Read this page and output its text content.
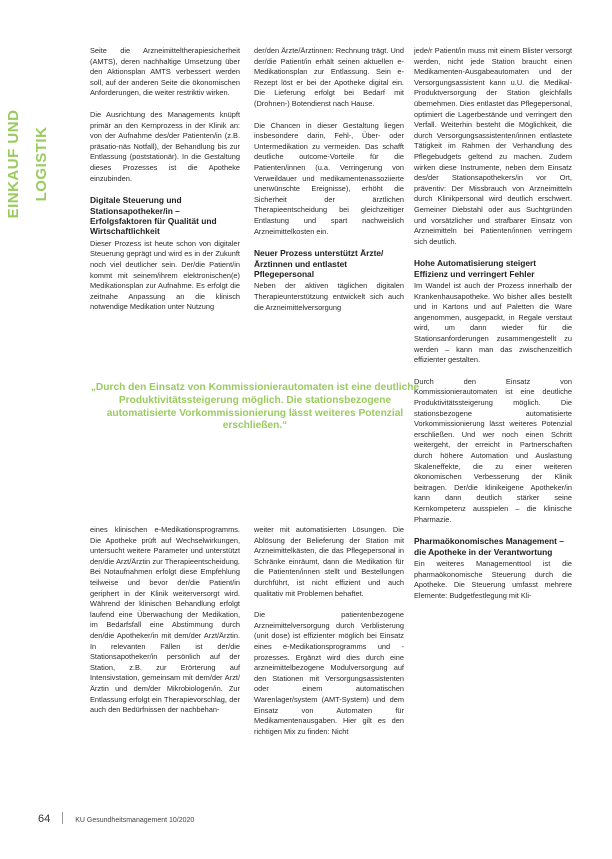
EINKAUF UND LOGISTIK

Seite die Arzneimitteltherapiesicherheit (AMTS), deren nachhaltige Umsetzung über den Aktionsplan AMTS verbessert werden soll, auf der anderen Seite die ökonomischen Anforderungen, die weiter restriktiv wirken.

Die Ausrichtung des Managements knüpft primär an den Kernprozess in der Klinik an: von der Aufnahme des/der Patienten/in (z.B. präsatio-näs Notfall), der Behandlung bis zur Entlassung (poststationär). In die Gestaltung dieses Prozesses ist die Apotheke einzubinden.

Digitale Steuerung und Stationsapotheker/in – Erfolgsfaktoren für Qualität und Wirtschaftlichkeit

Dieser Prozess ist heute schon von digitaler Steuerung geprägt und wird es in der Zukunft noch viel deutlicher sein. Der/die Patient/in kommt mit seinem/ihrem elektronischen(e) Medikationsplan zur Aufnahme. Es erfolgt die zeitnahe Anpassung an die klinisch notwendige Medikation unter Nutzung

der/den Ärzte/Ärztinnen: Rechnung trägt. Und der/die Patient/in erhält seinen aktuellen e-Medikationsplan zur Entlassung. Sein e-Rezept löst er bei der Apotheke digital ein. Die Lieferung erfolgt bei Bedarf mit (Drohnen-) Botendienst nach Hause.

Die Chancen in dieser Gestaltung liegen insbesondere darin, Fehl-, Über- oder Untermedikation zu vermeiden. Das schafft deutliche outcome-Vorteile für die Patienten/innen (u.a. Verringerung von Verweildauer und medikamentenassoziierte unerwünschte Ereignisse), erhöht die Sicherheit der ärztlichen Therapieentscheidung bei gleichzeitiger Entlastung und spart nachweislich Arzneimittelkosten ein.

Neuer Prozess unterstützt Ärzte/Ärztinnen und entlastet Pflegepersonal

Neben der aktiven täglichen digitalen Therapieunterstützung entwickelt sich auch die Arzneimittelversorgung

jede/r Patient/in muss mit einem Blister versorgt werden, nicht jede Station braucht einen Medikamenten-Ausgabeautomaten und der Versorgungsassistent kann u.U. die Medikal-Produktversorgung der Station gleichfalls übernehmen. Dies entlastet das Pflegepersonal, optimiert die Lagerbestände und verringert den Verfall. Weiterhin besteht die Möglichkeit, die durch Versorgungsassistenten/innen entlastete Tätigkeit im Rahmen der Verhandlung des Pflegebudgets geltend zu machen. Zudem wirken diese Instrumente, neben dem Einsatz des/der Stationsapothekers/in vor Ort, präventiv: Der Missbrauch von Arzneimitteln durch Klinikpersonal wird deutlich erschwert. Gemeiner Diebstahl oder aus Suchtgründen und vorsätzlicher und strafbarer Einsatz von Arzneimitteln bei Patienten/innen verringern sich deutlich.

Hohe Automatisierung steigert Effizienz und verringert Fehler

Im Wandel ist auch der Prozess innerhalb der Krankenhausapotheke. Wo bisher alles bestellt und in Kartons und auf Paletten die Ware angenommen, ausgepackt, in Regale verstaut wird, um dann wieder für die Stationsanforderungen zusammengestellt zu werden – kann man das zwischenzeitlich effizienter gestalten.

Durch den Einsatz von Kommissionierautomaten ist eine deutliche Produktivitätssteigerung möglich. Die stationsbezogene automatisierte Vorkommissionierung lässt weiteres Potenzial erschließen. Und wer noch einen Schritt weitergeht, der erreicht in Partnerschaften durch höhere Automation und Auslastung Skaleneffekte, die zu einer weiteren ökonomischen Verbesserung der Klinik beitragen. Der/die klinikeigene Apotheker/in kann dann deutlich stärker seine Kernkompetenz ausspielen – die klinische Pharmazie.

Pharmaökonomisches Management – die Apotheke in der Verantwortung

Ein weiteres Managementtool ist die pharmaökonomische Steuerung durch die Apotheke. Die Steuerung umfasst mehrere Elemente: Budgetfestlegung mit Kli-

„Durch den Einsatz von Kommissionierautomaten ist eine deutliche Produktivitätssteigerung möglich. Die stationsbezogene automatisierte Vorkommissionierung lässt weiteres Potenzial erschließen.“

eines klinischen e-Medikationsprogramms. Die Apotheke prüft auf Wechselwirkungen, untersucht weitere Parameter und unterstützt den/die Arzt/Ärztin zur Therapieentscheidung. Bei Notaufnahmen erfolgt diese Empfehlung teilweise und bevor der/die Patient/in geriphert in der Klinik weiterversorgt wird. Während der klinischen Behandlung erfolgt laufend eine Überwachung der Medikation, im Bedarfsfall eine Abstimmung durch den/die Apotheker/in mit dem/der Arzt/Ärztin. In relevanten Fällen ist der/die Stationsapotheker/in persönlich auf der Station, z.B. zur Erörterung auf Intensivstation, gemeinsam mit dem/der Arzt/Ärztin und dem/der Mikrobiologen/in. Zur Entlassung erfolgt ein Therapievorschlag, der auch den Bedürfnissen der nachbehan-

weiter mit automatisierten Lösungen. Die Ablösung der Belieferung der Station mit Arzneimittelkästen, die das Pflegepersonal in Schränke einräumt, dann die Medikation für die Patienten/innen stellt und Bestellungen durchführt, ist nicht effizient und auch qualitativ mit Problemen behaftet.

Die patientenbezogene Arzneimittelversorgung durch Verblisterung (unit dose) ist effizienter möglich bei Einsatz eines e-Medikationsprogramms und -prozesses. Ergänzt wird dies durch eine arzneimittelbezogene Modulversorgung auf den Stationen mit Versorgungsassistenten oder einem automatischen Warenlager/system (AMT-System) und dem Einsatz von Automaten für Medikamentenausgaben. Hier gilt es den richtigen Mix zu finden: Nicht

64	KU Gesundheitsmanagement 10/2020
